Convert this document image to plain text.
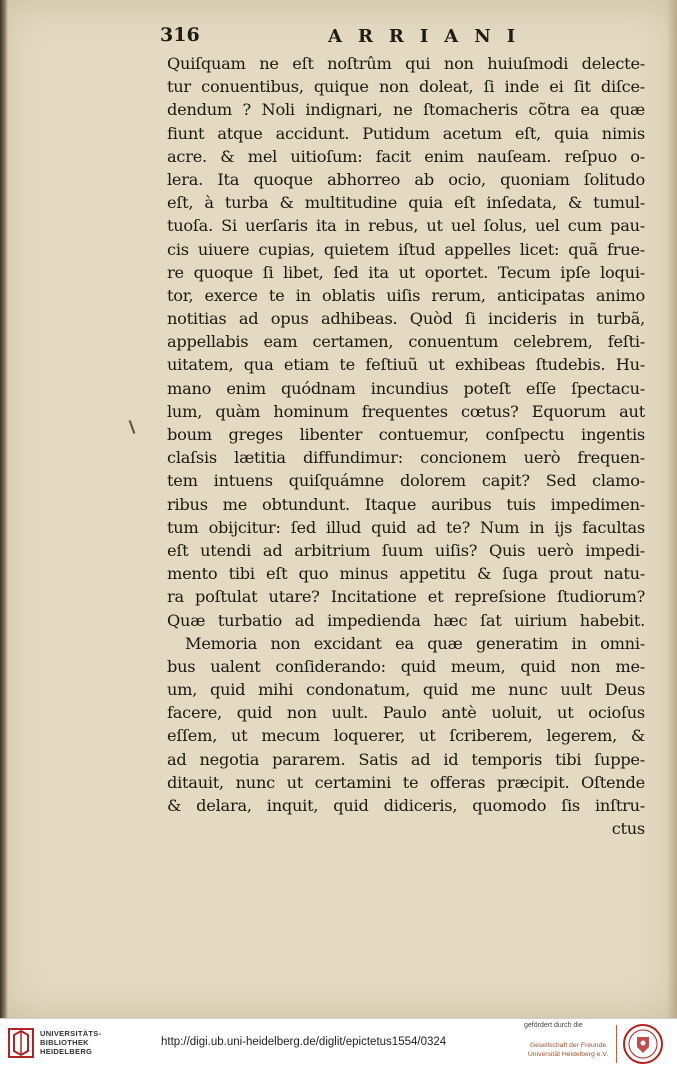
316	ARRIANI
Quiſquam ne eſt noſtrûm qui non huiuſmodi delecte-
tur conuentibus, quique non doleat, ſi inde ei ſit diſce-
dendum ? Noli indignari, ne ſtomacheris cõtra ea quæ
fiunt atque accidunt. Putidum acetum eſt, quia nimis
acre. & mel uitioſum: facit enim nauſeam. reſpuo o-
lera. Ita quoque abhorreo ab ocio, quoniam ſolitudo
eſt, à turba & multitudine quia eſt inſedata, & tumul-
tuoſa. Si uerſaris ita in rebus, ut uel ſolus, uel cum pau-
cis uiuere cupias, quietem iſtud appelles licet: quã frue-
re quoque ſi libet, ſed ita ut oportet. Tecum ipſe loqui-
tor, exerce te in oblatis uiſis rerum, anticipatas animo
notitias ad opus adhibeas. Quòd ſi incideris in turbã,
appellabis eam certamen, conuentum celebrem, feſti-
uitatem, qua etiam te feſtiuũ ut exhibeas ſtudebis. Hu-
mano enim quódnam incundius poteſt eſſe ſpectacu-
lum, quàm hominum frequentes cœtus? Equorum aut
boum greges libenter contuemur, conſpectu ingentis
claſsis lætitia diffundimur: concionem uerò frequen-
tem intuens quiſquámne dolorem capit? Sed clamo-
ribus me obtundunt. Itaque auribus tuis impedimen-
tum obijcitur: ſed illud quid ad te? Num in ijs facultas
eſt utendi ad arbitrium ſuum uiſis? Quis uerò impedi-
mento tibi eſt quo minus appetitu & ſuga prout natu-
ra poſtulat utare? Incitatione et repreſsione ſtudiorum?
Quæ turbatio ad impedienda hæc ſat uirium habebit.
Memoria non excidant ea quæ generatim in omni-
bus ualent conſiderando: quid meum, quid non me-
um, quid mihi condonatum, quid me nunc uult Deus
facere, quid non uult. Paulo antè uoluit, ut ocioſus
eſſem, ut mecum loquerer, ut ſcriberem, legerem, &
ad negotia pararem. Satis ad id temporis tibi ſuppe-
ditauit, nunc ut certamini te offeras præcipit. Oſtende
& delara, inquit, quid didiceris, quomodo ſis inſtru-
ctus
UNIVERSITÄTS-
BIBLIOTHEK
HEIDELBERG
http://digi.ub.uni-heidelberg.de/diglit/epictetus1554/0324
gefördert durch die
Gesellschaft der Freunde
Universität Heidelberg e.V.
